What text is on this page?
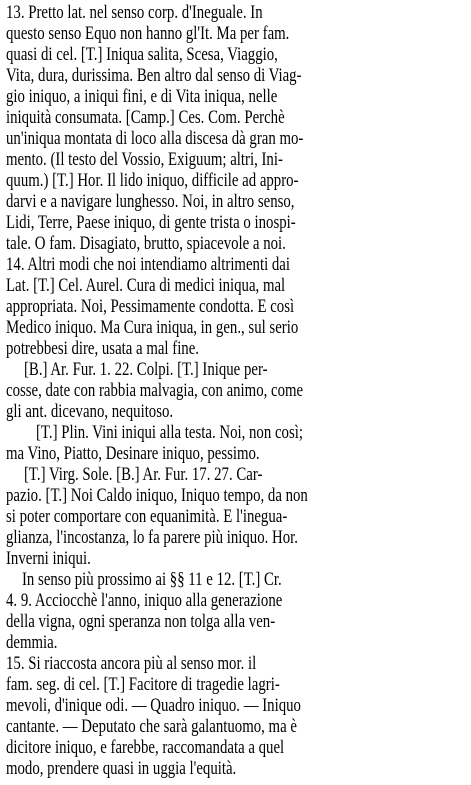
13. Pretto lat. nel senso corp. d'Ineguale. In
questo senso Equo non hanno gl'It. Ma per fam.
quasi di cel. [T.] Iniqua salita, Scesa, Viaggio,
Vita, dura, durissima. Ben altro dal senso di Viag-
gio iniquo, a iniqui fini, e di Vita iniqua, nelle
iniquità consumata. [Camp.] Ces. Com. Perchè
un'iniqua montata di loco alla discesa dà gran mo-
mento. (Il testo del Vossio, Exiguum; altri, Ini-
quum.) [T.] Hor. Il lido iniquo, difficile ad appro-
darvi e a navigare lunghesso. Noi, in altro senso,
Lidi, Terre, Paese iniquo, di gente trista o inospi-
tale. O fam. Disagiato, brutto, spiacevole a noi.
14. Altri modi che noi intendiamo altrimenti dai
Lat. [T.] Cel. Aurel. Cura di medici iniqua, mal
appropriata. Noi, Pessimamente condotta. E così
Medico iniquo. Ma Cura iniqua, in gen., sul serio
potrebbesi dire, usata a mal fine.
[B.] Ar. Fur. 1. 22. Colpi. [T.] Inique per-
cosse, date con rabbia malvagia, con animo, come
gli ant. dicevano, nequitoso.
[T.] Plin. Vini iniqui alla testa. Noi, non così;
ma Vino, Piatto, Desinare iniquo, pessimo.
[T.] Virg. Sole. [B.] Ar. Fur. 17. 27. Car-
pazio. [T.] Noi Caldo iniquo, Iniquo tempo, da non
si poter comportare con equanimità. E l'inegua-
glianza, l'incostanza, lo fa parere più iniquo. Hor.
Inverni iniqui.
In senso più prossimo ai §§ 11 e 12. [T.] Cr.
4. 9. Acciocchè l'anno, iniquo alla generazione
della vigna, ogni speranza non tolga alla ven-
demmia.
15. Si riaccosta ancora più al senso mor. il
fam. seg. di cel. [T.] Facitore di tragedie lagri-
mevoli, d'inique odi. — Quadro iniquo. — Iniquo
cantante. — Deputato che sarà galantuomo, ma è
dicitore iniquo, e farebbe, raccomandata a quel
modo, prendere quasi in uggia l'equità.
